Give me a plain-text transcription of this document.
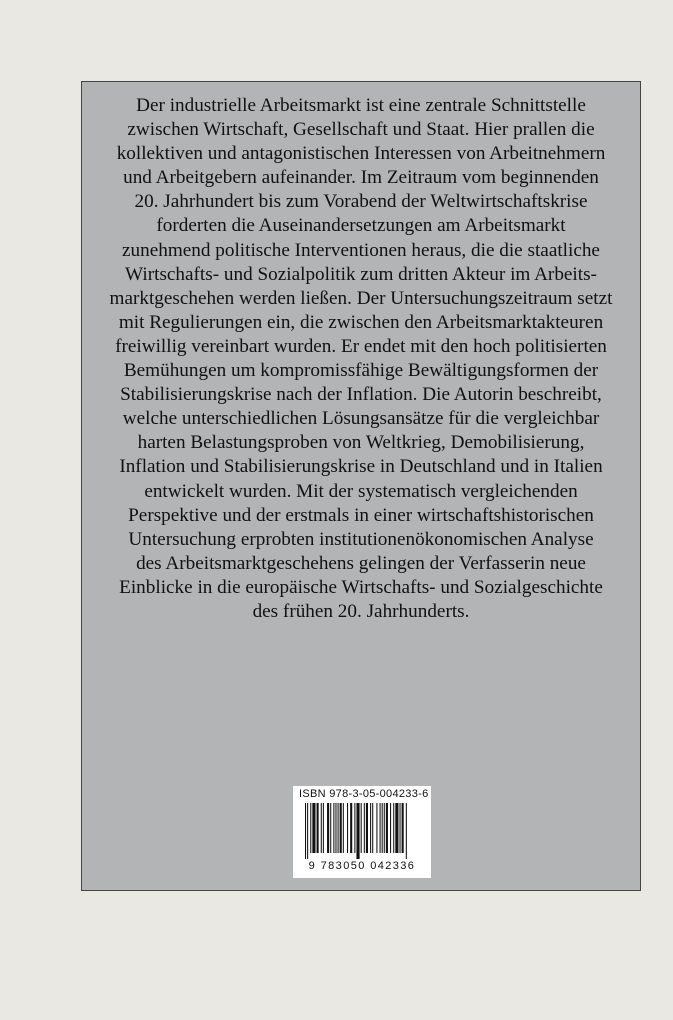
Der industrielle Arbeitsmarkt ist eine zentrale Schnittstelle
zwischen Wirtschaft, Gesellschaft und Staat. Hier prallen die
kollektiven und antagonistischen Interessen von Arbeitnehmern
und Arbeitgebern aufeinander. Im Zeitraum vom beginnenden
20. Jahrhundert bis zum Vorabend der Weltwirtschaftskrise
forderten die Auseinandersetzungen am Arbeitsmarkt
zunehmend politische Interventionen heraus, die die staatliche
Wirtschafts- und Sozialpolitik zum dritten Akteur im Arbeits-
marktgeschehen werden ließen. Der Untersuchungszeitraum setzt
mit Regulierungen ein, die zwischen den Arbeitsmarktakteuren
freiwillig vereinbart wurden. Er endet mit den hoch politisierten
Bemühungen um kompromissfähige Bewältigungsformen der
Stabilisierungskrise nach der Inflation. Die Autorin beschreibt,
welche unterschiedlichen Lösungsansätze für die vergleichbar
harten Belastungsproben von Weltkrieg, Demobilisierung,
Inflation und Stabilisierungskrise in Deutschland und in Italien
entwickelt wurden. Mit der systematisch vergleichenden
Perspektive und der erstmals in einer wirtschaftshistorischen
Untersuchung erprobten institutionenökonomischen Analyse
des Arbeitsmarktgeschehens gelingen der Verfasserin neue
Einblicke in die europäische Wirtschafts- und Sozialgeschichte
des frühen 20. Jahrhunderts.

ISBN 978-3-05-004233-6
9 783050 042336
